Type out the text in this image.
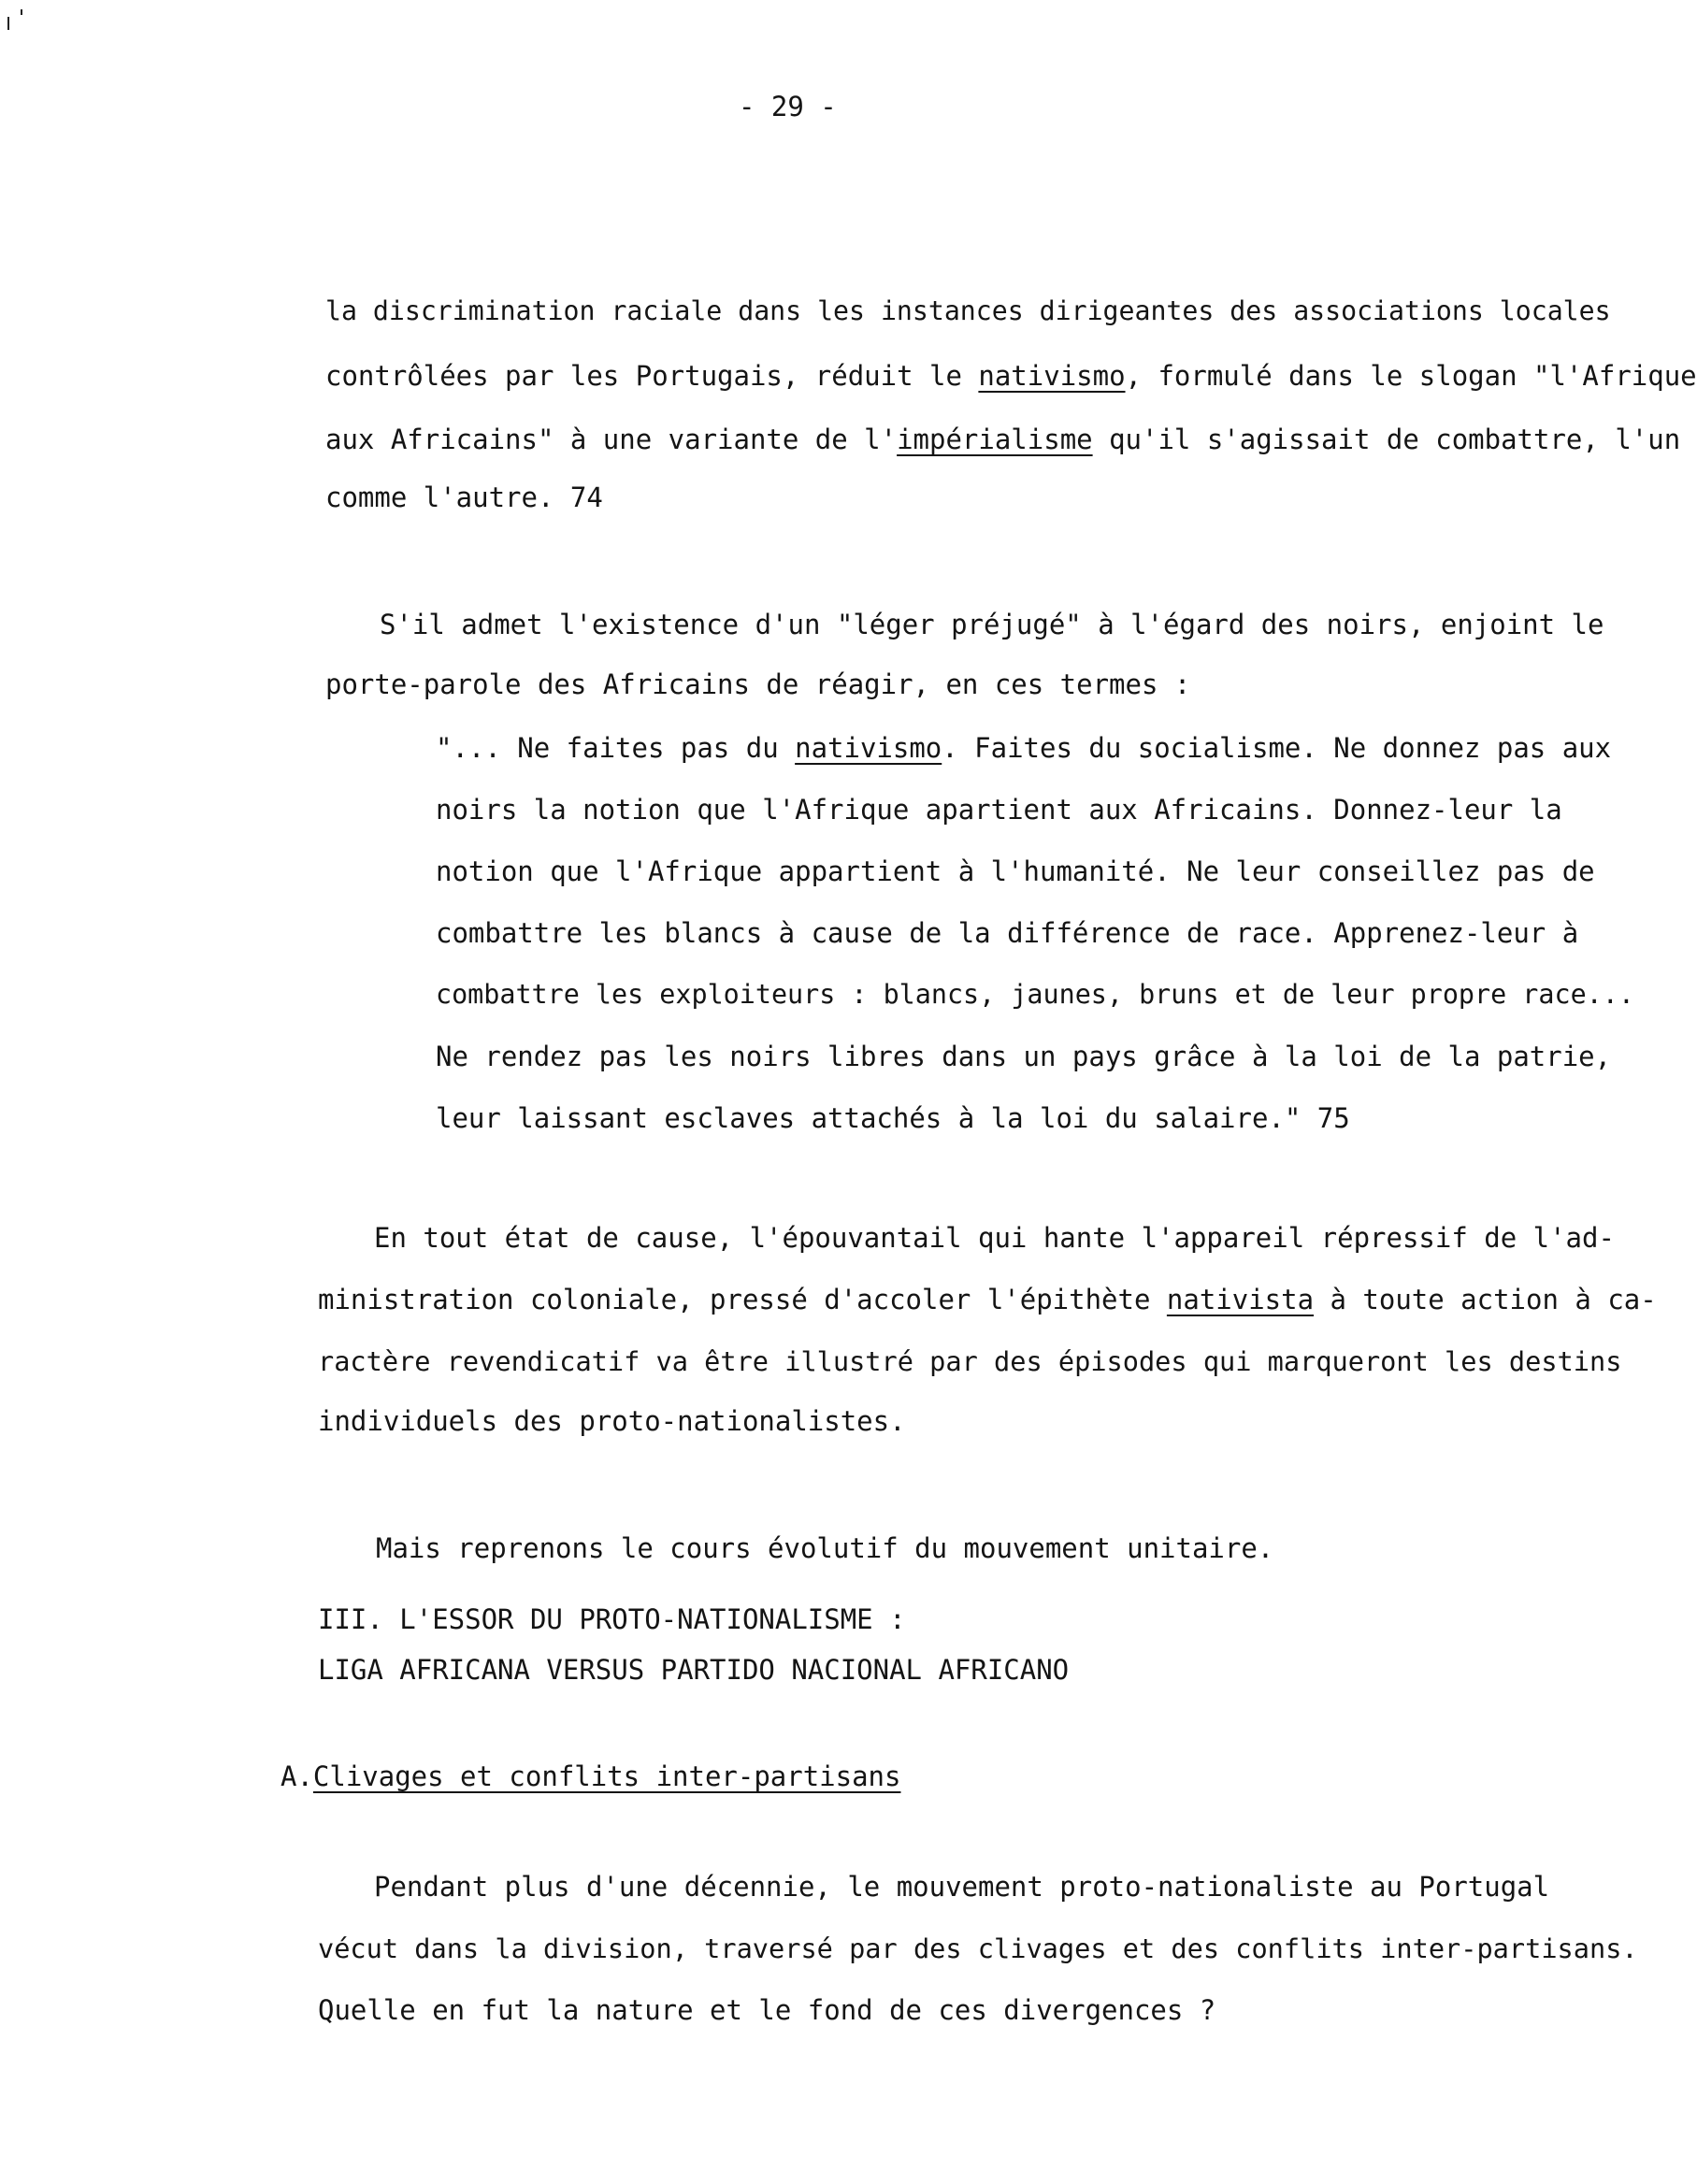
- 29 -
la discrimination raciale dans les instances dirigeantes des associations locales
contrôlées par les Portugais, réduit le nativismo, formulé dans le slogan "l'Afrique
aux Africains" à une variante de l'impérialisme qu'il s'agissait de combattre, l'un
comme l'autre. 74
S'il admet l'existence d'un "léger préjugé" à l'égard des noirs, enjoint le
porte-parole des Africains de réagir, en ces termes :
"... Ne faites pas du nativismo. Faites du socialisme. Ne donnez pas aux
noirs la notion que l'Afrique apartient aux Africains. Donnez-leur la
notion que l'Afrique appartient à l'humanité. Ne leur conseillez pas de
combattre les blancs à cause de la différence de race. Apprenez-leur à
combattre les exploiteurs : blancs, jaunes, bruns et de leur propre race...
Ne rendez pas les noirs libres dans un pays grâce à la loi de la patrie,
leur laissant esclaves attachés à la loi du salaire." 75
En tout état de cause, l'épouvantail qui hante l'appareil répressif de l'ad-
ministration coloniale, pressé d'accoler l'épithète nativista à toute action à ca-
ractère revendicatif va être illustré par des épisodes qui marqueront les destins
individuels des proto-nationalistes.
Mais reprenons le cours évolutif du mouvement unitaire.
III. L'ESSOR DU PROTO-NATIONALISME :
LIGA AFRICANA VERSUS PARTIDO NACIONAL AFRICANO
A.Clivages et conflits inter-partisans
Pendant plus d'une décennie, le mouvement proto-nationaliste au Portugal
vécut dans la division, traversé par des clivages et des conflits inter-partisans.
Quelle en fut la nature et le fond de ces divergences ?
